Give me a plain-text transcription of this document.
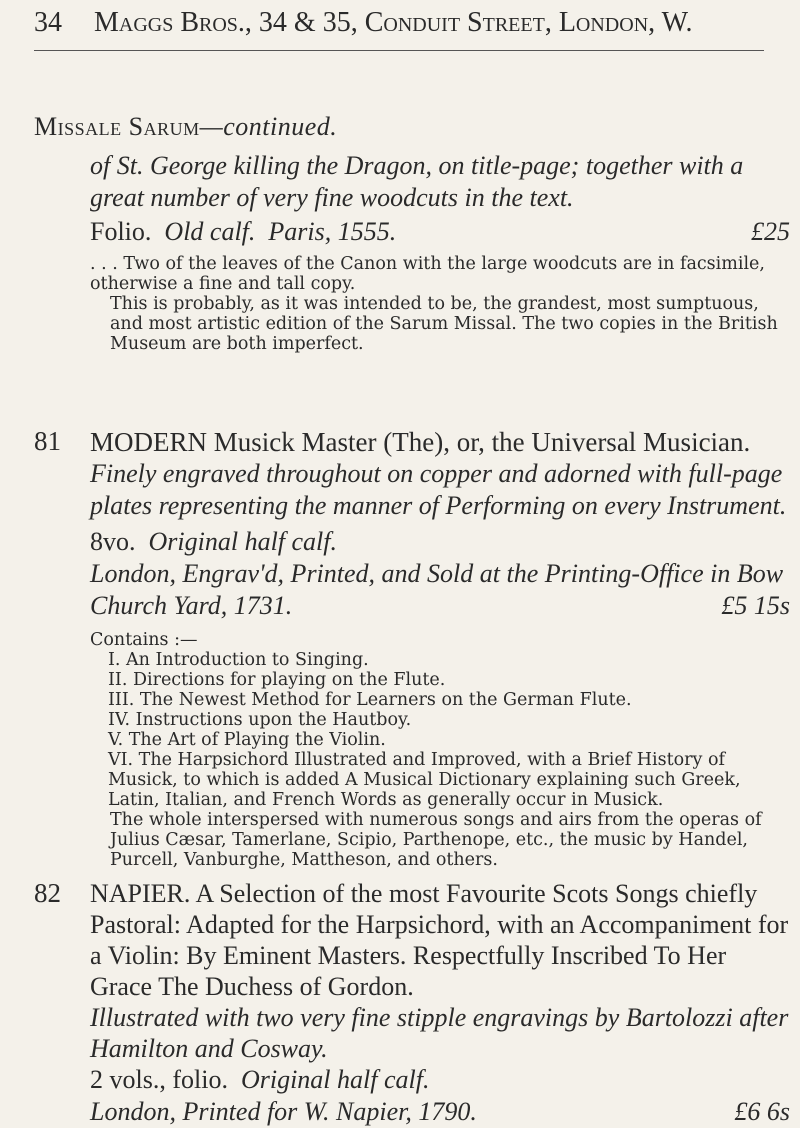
34 Maggs Bros., 34 & 35, Conduit Street, London, W.
Missale Sarum—continued.

of St. George killing the Dragon, on title-page; together with a great number of very fine woodcuts in the text.

Folio. Old calf. Paris, 1555.	£25

. . . Two of the leaves of the Canon with the large woodcuts are in facsimile, otherwise a fine and tall copy.

This is probably, as it was intended to be, the grandest, most sumptuous, and most artistic edition of the Sarum Missal. The two copies in the British Museum are both imperfect.

81 MODERN Musick Master (The), or, the Universal Musician.

Finely engraved throughout on copper and adorned with full-page plates representing the manner of Performing on every Instrument.

8vo. Original half calf.

London, Engrav'd, Printed, and Sold at the Printing-Office in Bow Church Yard, 1731.	£5 15s

Contains :—

I. An Introduction to Singing.

II. Directions for playing on the Flute.

III. The Newest Method for Learners on the German Flute.

IV. Instructions upon the Hautboy.

V. The Art of Playing the Violin.

VI. The Harpsichord Illustrated and Improved, with a Brief History of Musick, to which is added A Musical Dictionary explaining such Greek, Latin, Italian, and French Words as generally occur in Musick.

The whole interspersed with numerous songs and airs from the operas of Julius Cæsar, Tamerlane, Scipio, Parthenope, etc., the music by Handel, Purcell, Vanburghe, Mattheson, and others.

82 NAPIER. A Selection of the most Favourite Scots Songs chiefly Pastoral: Adapted for the Harpsichord, with an Accompaniment for a Violin: By Eminent Masters. Respectfully Inscribed To Her Grace The Duchess of Gordon.

Illustrated with two very fine stipple engravings by Bartolozzi after Hamilton and Cosway.

2 vols., folio. Original half calf.

London, Printed for W. Napier, 1790.	£6 6s
